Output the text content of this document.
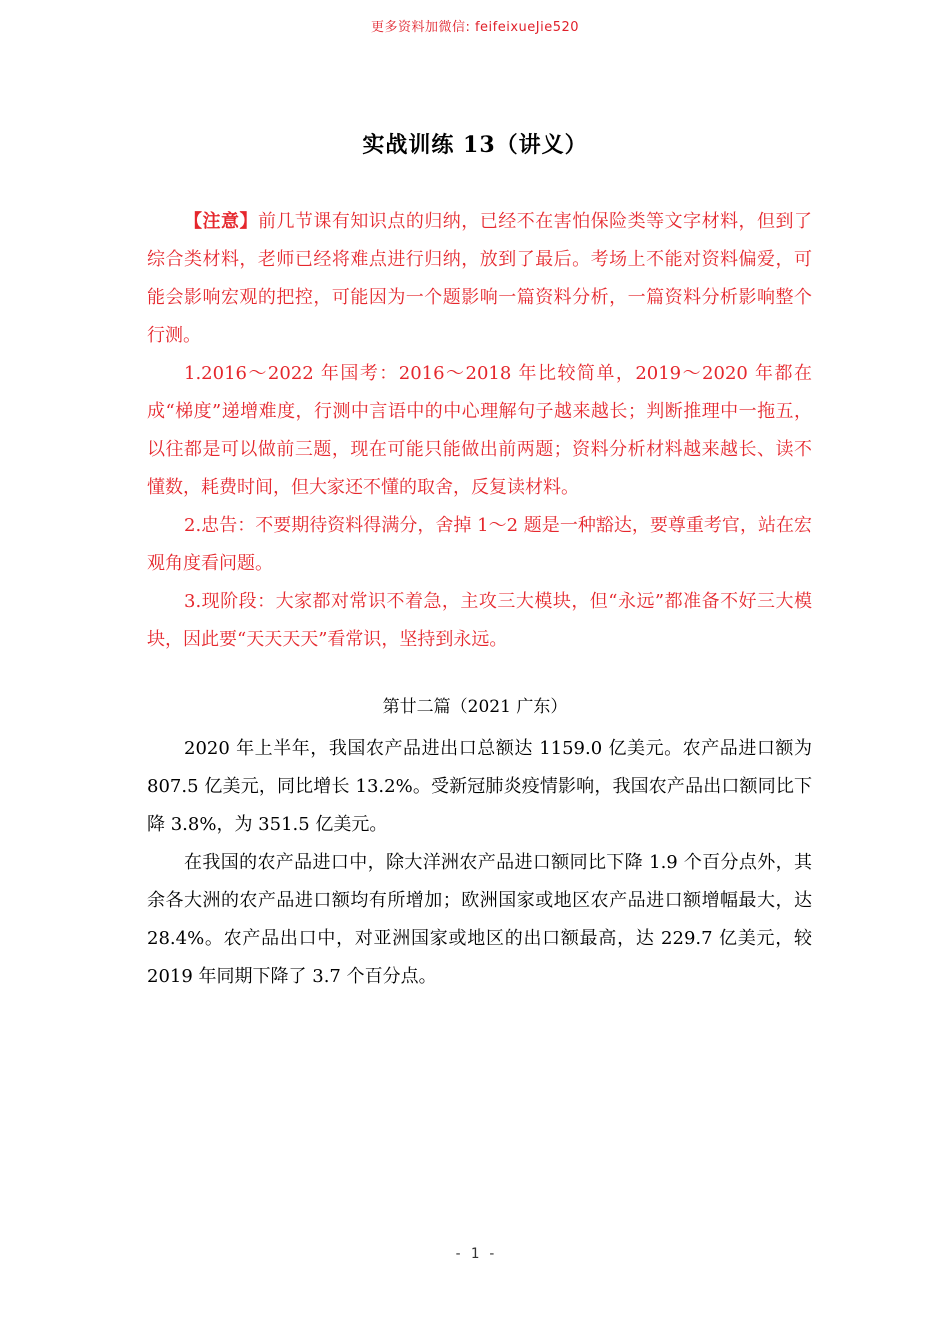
更多资料加微信: feifeixueJie520
实战训练 13（讲义）

【注意】前几节课有知识点的归纳，已经不在害怕保险类等文字材料，但到了综合类材料，老师已经将难点进行归纳，放到了最后。考场上不能对资料偏爱，可能会影响宏观的把控，可能因为一个题影响一篇资料分析，一篇资料分析影响整个行测。

1.2016～2022 年国考：2016～2018 年比较简单，2019～2020 年都在成“梯度”递增难度，行测中言语中的中心理解句子越来越长；判断推理中一拖五，以往都是可以做前三题，现在可能只能做出前两题；资料分析材料越来越长、读不懂数，耗费时间，但大家还不懂的取舍，反复读材料。

2.忠告：不要期待资料得满分，舍掉 1～2 题是一种豁达，要尊重考官，站在宏观角度看问题。

3.现阶段：大家都对常识不着急，主攻三大模块，但“永远”都准备不好三大模块，因此要“天天天天”看常识，坚持到永远。

第廿二篇（2021 广东）

2020 年上半年，我国农产品进出口总额达 1159.0 亿美元。农产品进口额为 807.5 亿美元，同比增长 13.2%。受新冠肺炎疫情影响，我国农产品出口额同比下降 3.8%，为 351.5 亿美元。

在我国的农产品进口中，除大洋洲农产品进口额同比下降 1.9 个百分点外，其余各大洲的农产品进口额均有所增加；欧洲国家或地区农产品进口额增幅最大，达 28.4%。农产品出口中，对亚洲国家或地区的出口额最高，达 229.7 亿美元，较 2019 年同期下降了 3.7 个百分点。

- 1 -
